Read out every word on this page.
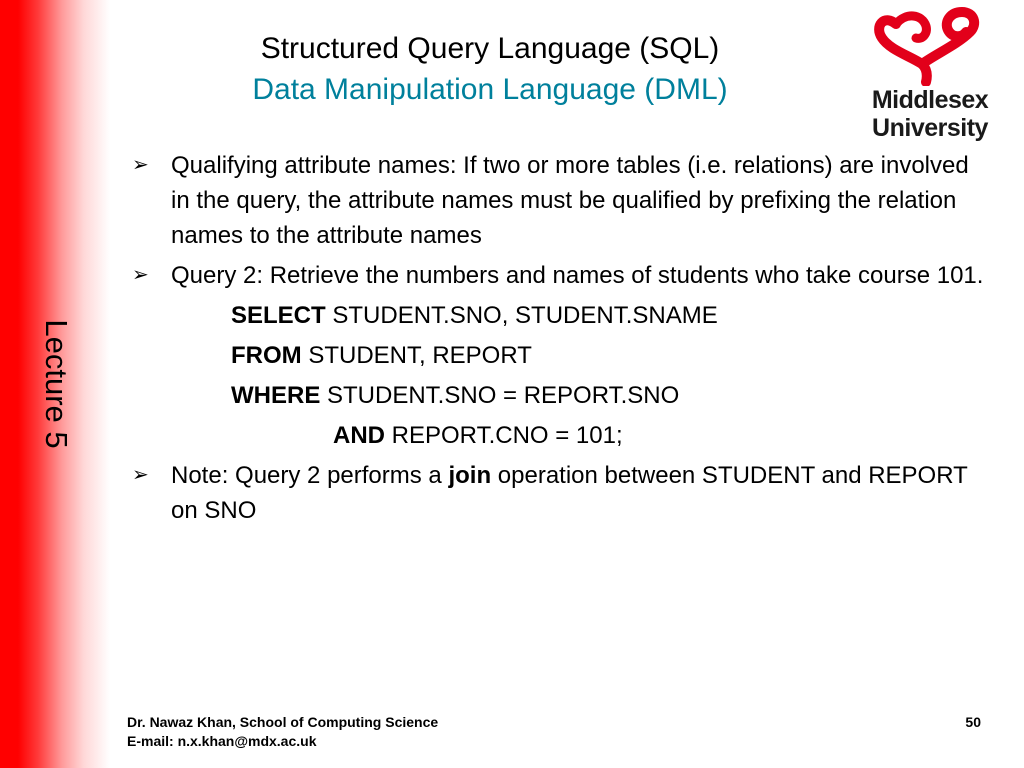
Lecture 5
Structured Query Language (SQL)
Data Manipulation Language (DML)	Middlesex
University
➢ Qualifying attribute names: If two or more tables (i.e. relations) are involved in the query, the attribute names must be qualified by prefixing the relation names to the attribute names
➢ Query 2: Retrieve the numbers and names of students who take course 101.
SELECT STUDENT.SNO, STUDENT.SNAME
FROM STUDENT, REPORT
WHERE STUDENT.SNO = REPORT.SNO
AND REPORT.CNO = 101;
➢ Note: Query 2 performs a join operation between STUDENT and REPORT on SNO
Dr. Nawaz Khan, School of Computing Science
E-mail: n.x.khan@mdx.ac.uk
50
